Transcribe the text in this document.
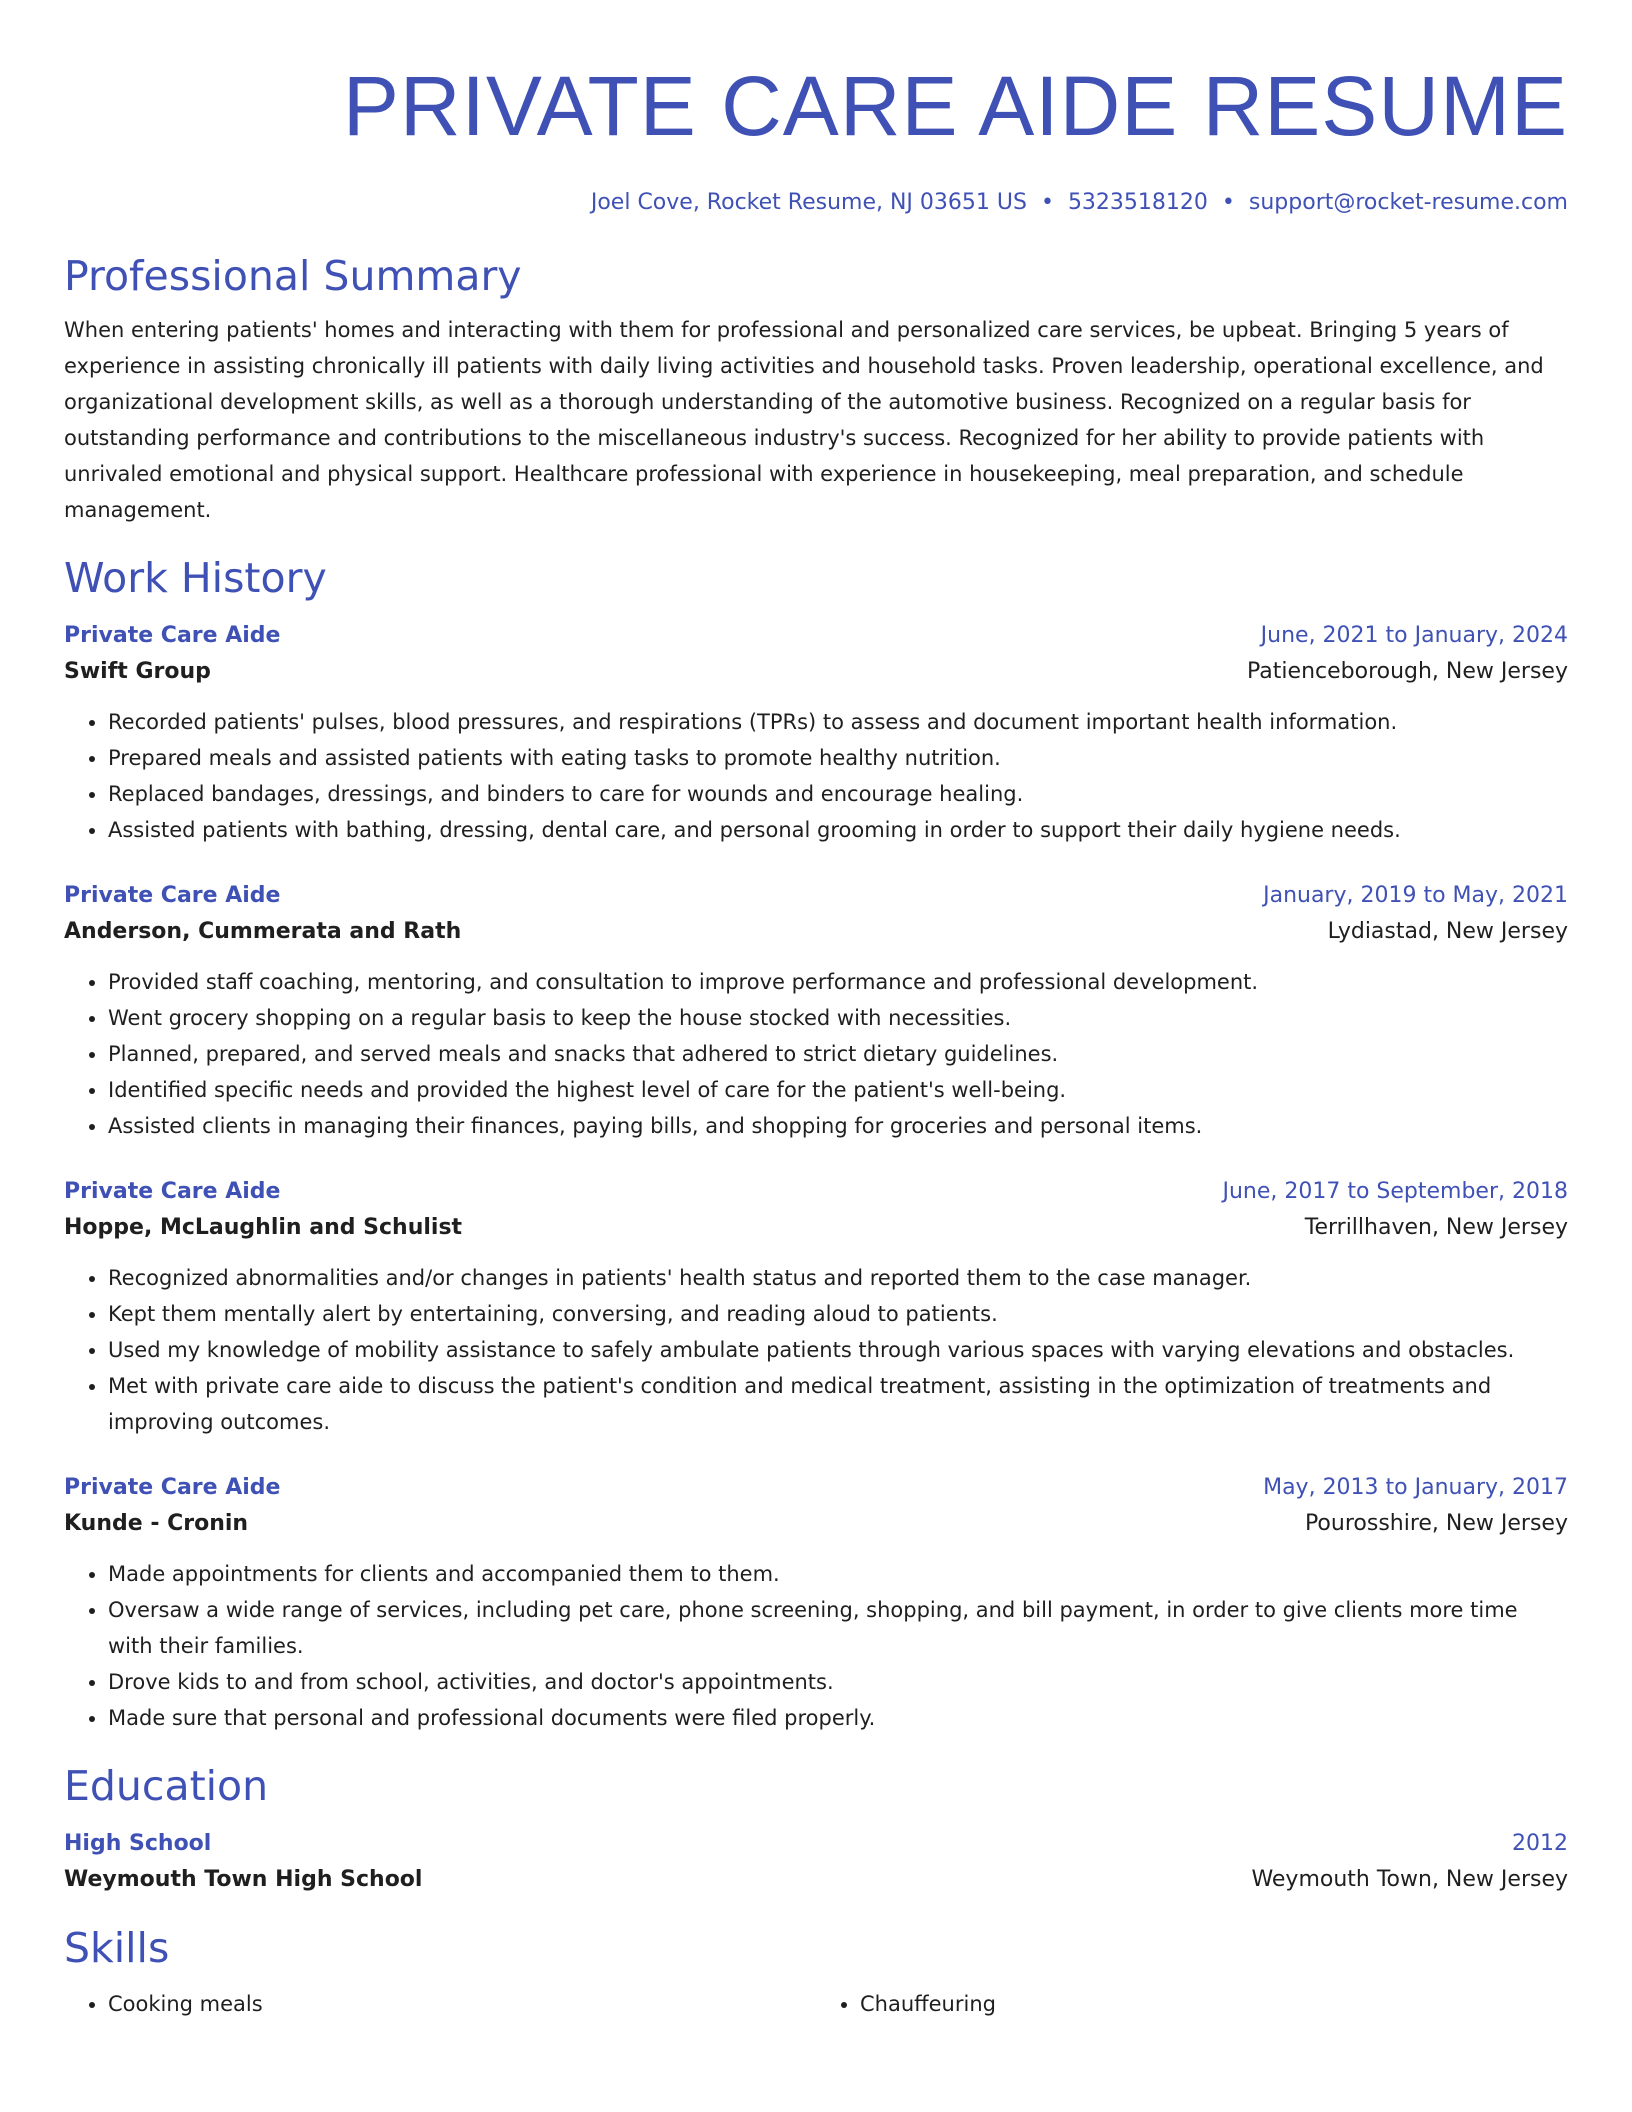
PRIVATE CARE AIDE RESUME
Joel Cove, Rocket Resume, NJ 03651 US • 5323518120 • support@rocket-resume.com
Professional Summary
When entering patients' homes and interacting with them for professional and personalized care services, be upbeat. Bringing 5 years of experience in assisting chronically ill patients with daily living activities and household tasks. Proven leadership, operational excellence, and organizational development skills, as well as a thorough understanding of the automotive business. Recognized on a regular basis for outstanding performance and contributions to the miscellaneous industry's success. Recognized for her ability to provide patients with unrivaled emotional and physical support. Healthcare professional with experience in housekeeping, meal preparation, and schedule management.
Work History
Private Care Aide	June, 2021 to January, 2024
Swift Group	Patienceborough, New Jersey
• Recorded patients' pulses, blood pressures, and respirations (TPRs) to assess and document important health information.
• Prepared meals and assisted patients with eating tasks to promote healthy nutrition.
• Replaced bandages, dressings, and binders to care for wounds and encourage healing.
• Assisted patients with bathing, dressing, dental care, and personal grooming in order to support their daily hygiene needs.
Private Care Aide	January, 2019 to May, 2021
Anderson, Cummerata and Rath	Lydiastad, New Jersey
• Provided staff coaching, mentoring, and consultation to improve performance and professional development.
• Went grocery shopping on a regular basis to keep the house stocked with necessities.
• Planned, prepared, and served meals and snacks that adhered to strict dietary guidelines.
• Identified specific needs and provided the highest level of care for the patient's well-being.
• Assisted clients in managing their finances, paying bills, and shopping for groceries and personal items.
Private Care Aide	June, 2017 to September, 2018
Hoppe, McLaughlin and Schulist	Terrillhaven, New Jersey
• Recognized abnormalities and/or changes in patients' health status and reported them to the case manager.
• Kept them mentally alert by entertaining, conversing, and reading aloud to patients.
• Used my knowledge of mobility assistance to safely ambulate patients through various spaces with varying elevations and obstacles.
• Met with private care aide to discuss the patient's condition and medical treatment, assisting in the optimization of treatments and improving outcomes.
Private Care Aide	May, 2013 to January, 2017
Kunde - Cronin	Pourosshire, New Jersey
• Made appointments for clients and accompanied them to them.
• Oversaw a wide range of services, including pet care, phone screening, shopping, and bill payment, in order to give clients more time with their families.
• Drove kids to and from school, activities, and doctor's appointments.
• Made sure that personal and professional documents were filed properly.
Education
High School	2012
Weymouth Town High School	Weymouth Town, New Jersey
Skills
• Cooking meals
•	Chauffeuring
